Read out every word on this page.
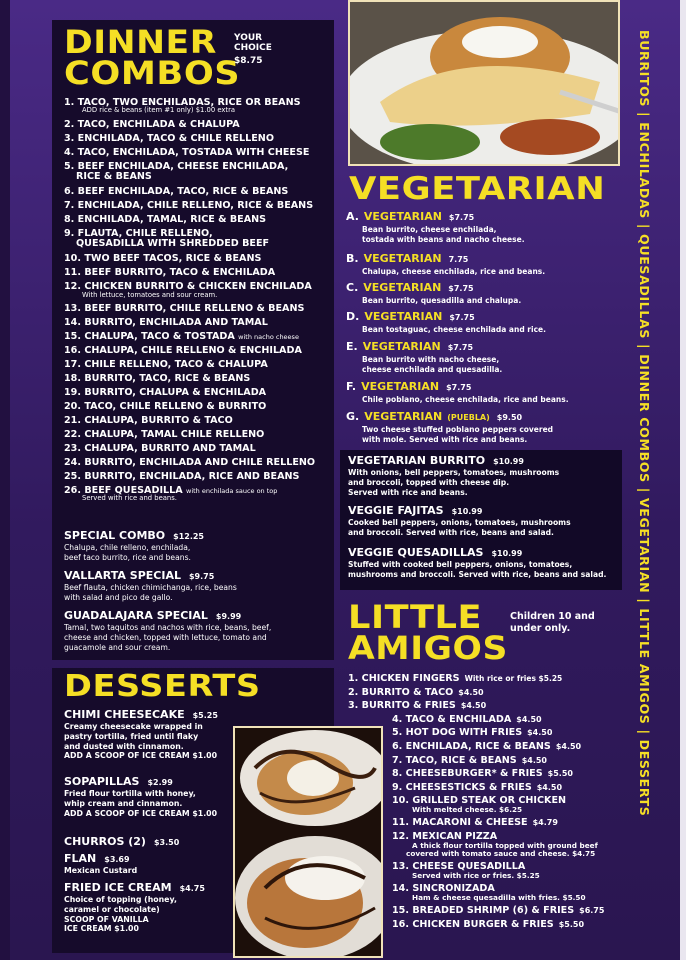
DINNER
COMBOS
YOUR CHOICE
$8.75
1. TACO, TWO ENCHILADAS, RICE OR BEANS
ADD rice & beans (item #1 only) $1.00 extra
2. TACO, ENCHILADA & CHALUPA
3. ENCHILADA, TACO & CHILE RELLENO
4. TACO, ENCHILADA, TOSTADA WITH CHEESE
5. BEEF ENCHILADA, CHEESE ENCHILADA,
RICE & BEANS
6. BEEF ENCHILADA, TACO, RICE & BEANS
7. ENCHILADA, CHILE RELLENO, RICE & BEANS
8. ENCHILADA, TAMAL, RICE & BEANS
9. FLAUTA, CHILE RELLENO,
QUESADILLA WITH SHREDDED BEEF
10. TWO BEEF TACOS, RICE & BEANS
11. BEEF BURRITO, TACO & ENCHILADA
12. CHICKEN BURRITO & CHICKEN ENCHILADA
With lettuce, tomatoes and sour cream.
13. BEEF BURRITO, CHILE RELLENO & BEANS
14. BURRITO, ENCHILADA AND TAMAL
15. CHALUPA, TACO & TOSTADA with nacho cheese
16. CHALUPA, CHILE RELLENO & ENCHILADA
17. CHILE RELLENO, TACO & CHALUPA
18. BURRITO, TACO, RICE & BEANS
19. BURRITO, CHALUPA & ENCHILADA
20. TACO, CHILE RELLENO & BURRITO
21. CHALUPA, BURRITO & TACO
22. CHALUPA, TAMAL CHILE RELLENO
23. CHALUPA, BURRITO AND TAMAL
24. BURRITO, ENCHILADA AND CHILE RELLENO
25. BURRITO, ENCHILADA, RICE AND BEANS
26. BEEF QUESADILLA with enchilada sauce on top
Served with rice and beans.
SPECIAL COMBO $12.25
Chalupa, chile relleno, enchilada,
beef taco burrito, rice and beans.
VALLARTA SPECIAL $9.75
Beef flauta, chicken chimichanga, rice, beans
with salad and pico de gallo.
GUADALAJARA SPECIAL $9.99
Tamal, two taquitos and nachos with rice, beans, beef,
cheese and chicken, topped with lettuce, tomato and
guacamole and sour cream.
DESSERTS
CHIMI CHEESECAKE $5.25
Creamy cheesecake wrapped in
pastry tortilla, fried until flaky
and dusted with cinnamon.
ADD A SCOOP OF ICE CREAM $1.00
SOPAPILLAS $2.99
Fried flour tortilla with honey,
whip cream and cinnamon.
ADD A SCOOP OF ICE CREAM $1.00
CHURROS (2) $3.50
FLAN $3.69
Mexican Custard
FRIED ICE CREAM $4.75
Choice of topping (honey,
caramel or chocolate)
SCOOP OF VANILLA
ICE CREAM $1.00
VEGETARIAN
A. VEGETARIAN $7.75
Bean burrito, cheese enchilada,
tostada with beans and nacho cheese.
B. VEGETARIAN 7.75
Chalupa, cheese enchilada, rice and beans.
C. VEGETARIAN $7.75
Bean burrito, quesadilla and chalupa.
D. VEGETARIAN $7.75
Bean tostaguac, cheese enchilada and rice.
E. VEGETARIAN $7.75
Bean burrito with nacho cheese,
cheese enchilada and quesadilla.
F. VEGETARIAN $7.75
Chile poblano, cheese enchilada, rice and beans.
G. VEGETARIAN (PUEBLA) $9.50
Two cheese stuffed poblano peppers covered
with mole. Served with rice and beans.
VEGETARIAN BURRITO $10.99
With onions, bell peppers, tomatoes, mushrooms
and broccoli, topped with cheese dip.
Served with rice and beans.
VEGGIE FAJITAS $10.99
Cooked bell peppers, onions, tomatoes, mushrooms
and broccoli. Served with rice, beans and salad.
VEGGIE QUESADILLAS $10.99
Stuffed with cooked bell peppers, onions, tomatoes,
mushrooms and broccoli. Served with rice, beans and salad.
LITTLE
AMIGOS
Children 10 and under only.
1. CHICKEN FINGERS With rice or fries $5.25
2. BURRITO & TACO $4.50
3. BURRITO & FRIES $4.50
4. TACO & ENCHILADA $4.50
5. HOT DOG WITH FRIES $4.50
6. ENCHILADA, RICE & BEANS $4.50
7. TACO, RICE & BEANS $4.50
8. CHEESEBURGER* & FRIES $5.50
9. CHEESESTICKS & FRIES $4.50
10. GRILLED STEAK OR CHICKEN
With melted cheese. $6.25
11. MACARONI & CHEESE $4.79
12. MEXICAN PIZZA
A thick flour tortilla topped with ground beef
covered with tomato sauce and cheese. $4.75
13. CHEESE QUESADILLA
Served with rice or fries. $5.25
14. SINCRONIZADA
Ham & cheese quesadilla with fries. $5.50
15. BREADED SHRIMP (6) & FRIES $6.75
16. CHICKEN BURGER & FRIES $5.50
BURRITOS | ENCHILADAS | QUESADILLAS | DINNER COMBOS | VEGETARIAN | LITTLE AMIGOS | DESSERTS
